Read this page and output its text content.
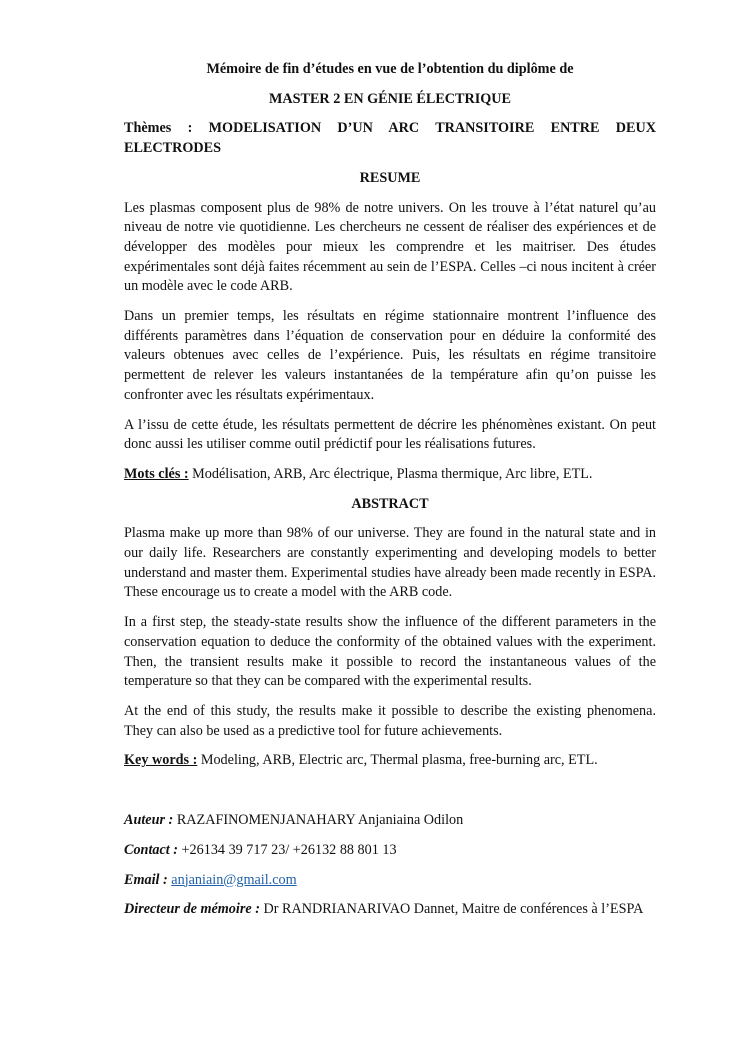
Mémoire de fin d’études en vue de l’obtention du diplôme de
MASTER 2 EN GÉNIE ÉLECTRIQUE
Thèmes : MODELISATION D’UN ARC TRANSITOIRE ENTRE DEUX ELECTRODES
RESUME

Les plasmas composent plus de 98% de notre univers. On les trouve à l’état naturel qu’au niveau de notre vie quotidienne. Les chercheurs ne cessent de réaliser des expériences et de développer des modèles pour mieux les comprendre et les maitriser. Des études expérimentales sont déjà faites récemment au sein de l’ESPA. Celles –ci nous incitent à créer un modèle avec le code ARB.

Dans un premier temps, les résultats en régime stationnaire montrent l’influence des différents paramètres dans l’équation de conservation pour en déduire la conformité des valeurs obtenues avec celles de l’expérience. Puis, les résultats en régime transitoire permettent de relever les valeurs instantanées de la température afin qu’on puisse les confronter avec les résultats expérimentaux.

A l’issu de cette étude, les résultats permettent de décrire les phénomènes existant. On peut donc aussi les utiliser comme outil prédictif pour les réalisations futures.

Mots clés : Modélisation, ARB, Arc électrique, Plasma thermique, Arc libre, ETL.

ABSTRACT

Plasma make up more than 98% of our universe. They are found in the natural state and in our daily life. Researchers are constantly experimenting and developing models to better understand and master them. Experimental studies have already been made recently in ESPA. These encourage us to create a model with the ARB code.

In a first step, the steady-state results show the influence of the different parameters in the conservation equation to deduce the conformity of the obtained values with the experiment. Then, the transient results make it possible to record the instantaneous values of the temperature so that they can be compared with the experimental results.

At the end of this study, the results make it possible to describe the existing phenomena. They can also be used as a predictive tool for future achievements.

Key words : Modeling, ARB, Electric arc, Thermal plasma, free-burning arc, ETL.

Auteur : RAZAFINOMENJANAHARY Anjaniaina Odilon

Contact : +26134 39 717 23/ +26132 88 801 13

Email : anjaniain@gmail.com

Directeur de mémoire : Dr RANDRIANARIVAO Dannet, Maitre de conférences à l’ESPA
